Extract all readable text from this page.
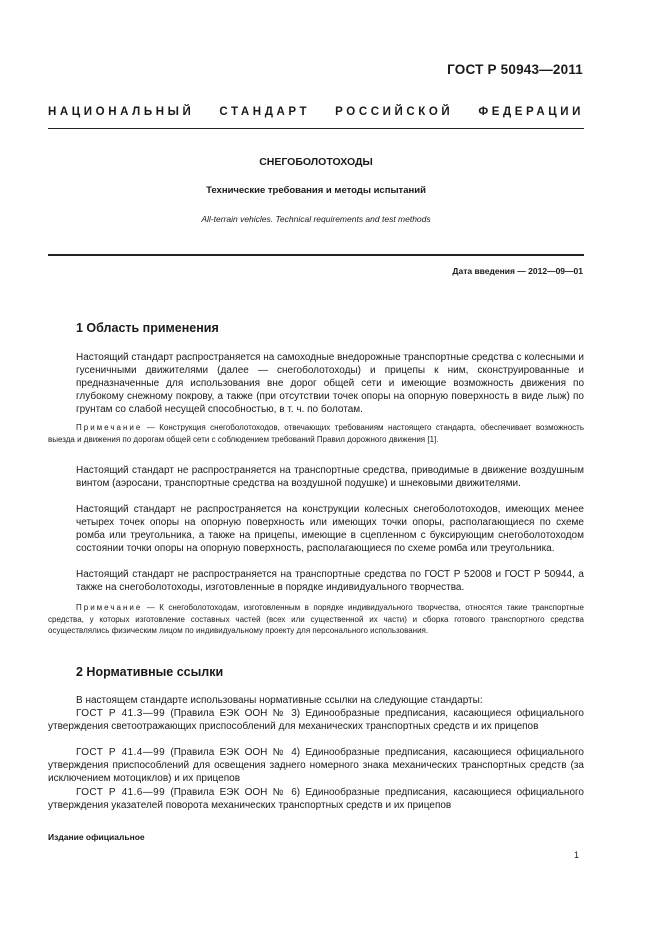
ГОСТ Р 50943—2011
НАЦИОНАЛЬНЫЙ СТАНДАРТ РОССИЙСКОЙ ФЕДЕРАЦИИ
СНЕГОБОЛОТОХОДЫ
Технические требования и методы испытаний
All-terrain vehicles. Technical requirements and test methods
Дата введения — 2012—09—01
1 Область применения
Настоящий стандарт распространяется на самоходные внедорожные транспортные средства с колесными и гусеничными движителями (далее — снегоболотоходы) и прицепы к ним, сконструированные и предназначенные для использования вне дорог общей сети и имеющие возможность движения по глубокому снежному покрову, а также (при отсутствии точек опоры на опорную поверхность в виде лыж) по грунтам со слабой несущей способностью, в т. ч. по болотам.
Примечание — Конструкция снегоболотоходов, отвечающих требованиям настоящего стандарта, обеспечивает возможность выезда и движения по дорогам общей сети с соблюдением требований Правил дорожного движения [1].
Настоящий стандарт не распространяется на транспортные средства, приводимые в движение воздушным винтом (аэросани, транспортные средства на воздушной подушке) и шнековыми движителями.
Настоящий стандарт не распространяется на конструкции колесных снегоболотоходов, имеющих менее четырех точек опоры на опорную поверхность или имеющих точки опоры, располагающиеся по схеме ромба или треугольника, а также на прицепы, имеющие в сцепленном с буксирующим снегоболотоходом состоянии точки опоры на опорную поверхность, располагающиеся по схеме ромба или треугольника.
Настоящий стандарт не распространяется на транспортные средства по ГОСТ Р 52008 и ГОСТ Р 50944, а также на снегоболотоходы, изготовленные в порядке индивидуального творчества.
Примечание — К снегоболотоходам, изготовленным в порядке индивидуального творчества, относятся такие транспортные средства, у которых изготовление составных частей (всех или существенной их части) и сборка готового транспортного средства осуществлялись физическим лицом по индивидуальному проекту для персонального использования.
2 Нормативные ссылки
В настоящем стандарте использованы нормативные ссылки на следующие стандарты:
ГОСТ Р 41.3—99 (Правила ЕЭК ООН № 3) Единообразные предписания, касающиеся официального утверждения светоотражающих приспособлений для механических транспортных средств и их прицепов
ГОСТ Р 41.4—99 (Правила ЕЭК ООН № 4) Единообразные предписания, касающиеся официального утверждения приспособлений для освещения заднего номерного знака механических транспортных средств (за исключением мотоциклов) и их прицепов
ГОСТ Р 41.6—99 (Правила ЕЭК ООН № 6) Единообразные предписания, касающиеся официального утверждения указателей поворота механических транспортных средств и их прицепов
Издание официальное
1
